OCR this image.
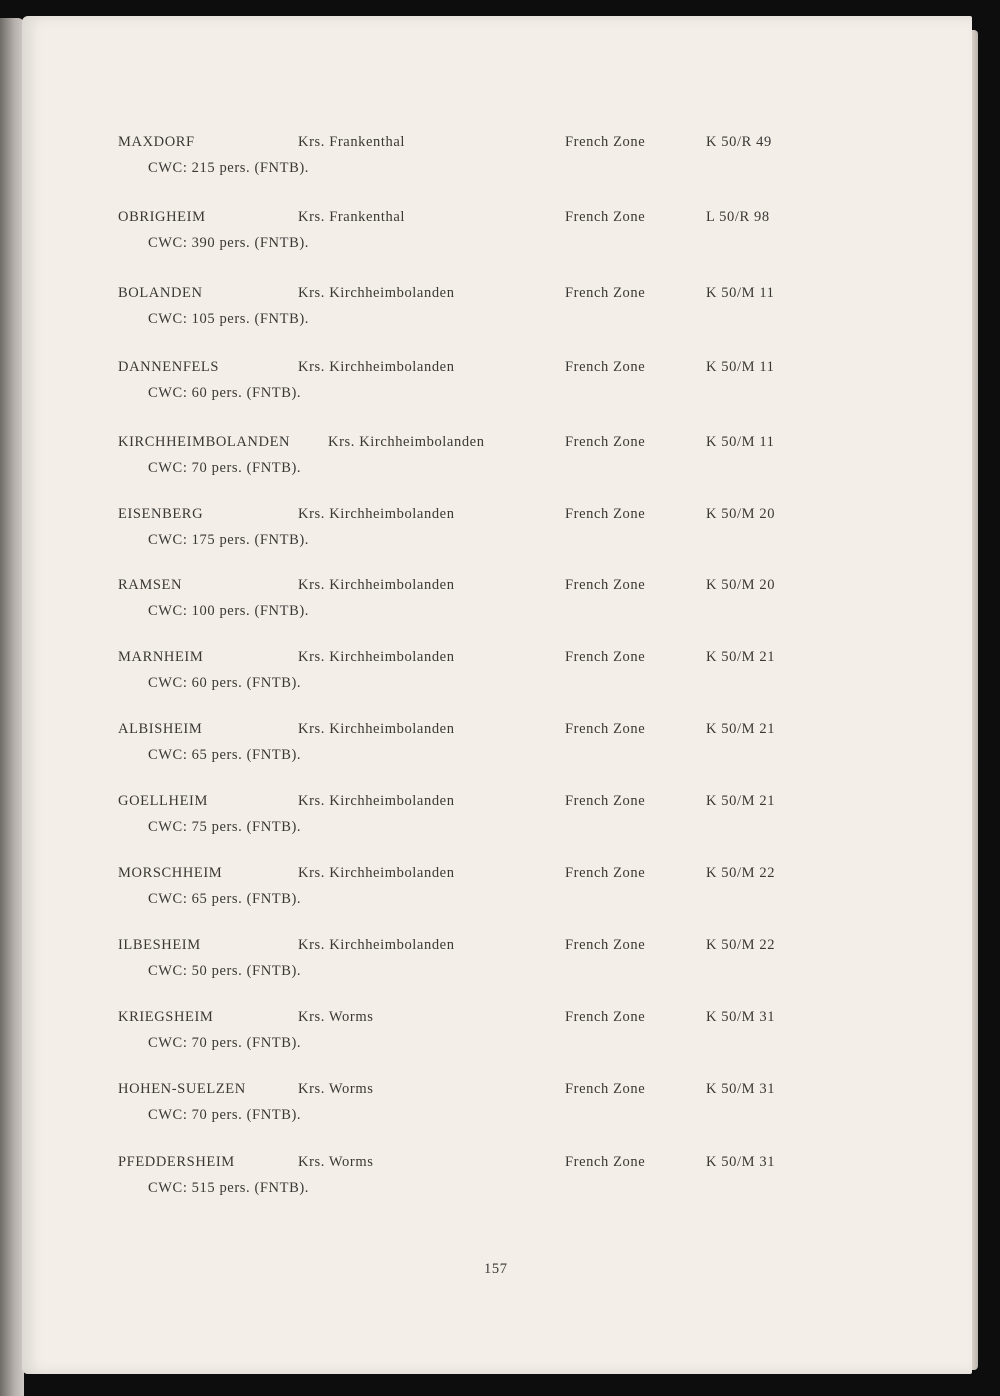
MAXDORF	Krs. Frankenthal	French Zone	K 50/R 49
CWC: 215 pers. (FNTB).
OBRIGHEIM	Krs. Frankenthal	French Zone	L 50/R 98
CWC: 390 pers. (FNTB).
BOLANDEN	Krs. Kirchheimbolanden	French Zone	K 50/M 11
CWC: 105 pers. (FNTB).
DANNENFELS	Krs. Kirchheimbolanden	French Zone	K 50/M 11
CWC: 60 pers. (FNTB).
KIRCHHEIMBOLANDEN	Krs. Kirchheimbolanden	French Zone	K 50/M 11
CWC: 70 pers. (FNTB).
EISENBERG	Krs. Kirchheimbolanden	French Zone	K 50/M 20
CWC: 175 pers. (FNTB).
RAMSEN	Krs. Kirchheimbolanden	French Zone	K 50/M 20
CWC: 100 pers. (FNTB).
MARNHEIM	Krs. Kirchheimbolanden	French Zone	K 50/M 21
CWC: 60 pers. (FNTB).
ALBISHEIM	Krs. Kirchheimbolanden	French Zone	K 50/M 21
CWC: 65 pers. (FNTB).
GOELLHEIM	Krs. Kirchheimbolanden	French Zone	K 50/M 21
CWC: 75 pers. (FNTB).
MORSCHHEIM	Krs. Kirchheimbolanden	French Zone	K 50/M 22
CWC: 65 pers. (FNTB).
ILBESHEIM	Krs. Kirchheimbolanden	French Zone	K 50/M 22
CWC: 50 pers. (FNTB).
KRIEGSHEIM	Krs. Worms	French Zone	K 50/M 31
CWC: 70 pers. (FNTB).
HOHEN-SUELZEN	Krs. Worms	French Zone	K 50/M 31
CWC: 70 pers. (FNTB).
PFEDDERSHEIM	Krs. Worms	French Zone	K 50/M 31
CWC: 515 pers. (FNTB).
157
